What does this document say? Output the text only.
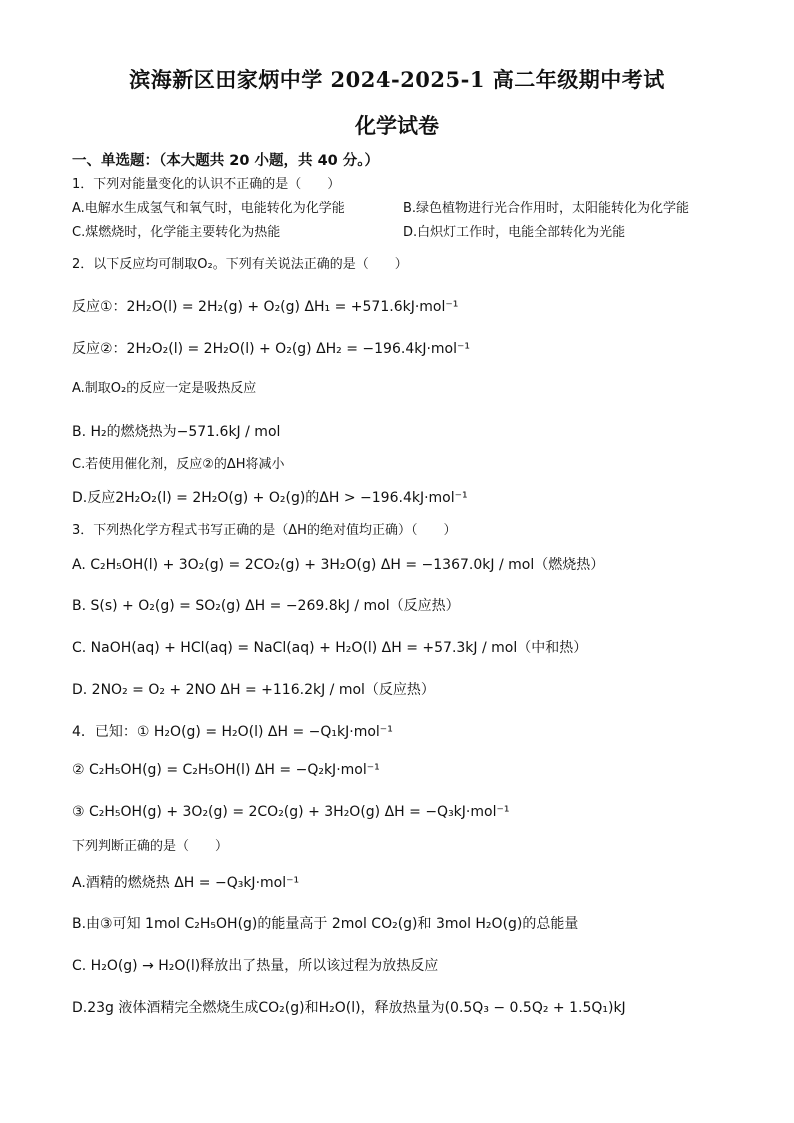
滨海新区田家炳中学 2024-2025-1 高二年级期中考试
化学试卷
一、单选题：（本大题共 20 小题，共 40 分。）
1．下列对能量变化的认识不正确的是（　　）
A.电解水生成氢气和氧气时，电能转化为化学能	B.绿色植物进行光合作用时，太阳能转化为化学能
C.煤燃烧时，化学能主要转化为热能	D.白炽灯工作时，电能全部转化为光能
2．以下反应均可制取O₂。下列有关说法正确的是（　　）
反应①：2H₂O(l) = 2H₂(g) + O₂(g) ΔH₁ = +571.6kJ·mol⁻¹
反应②：2H₂O₂(l) = 2H₂O(l) + O₂(g) ΔH₂ = −196.4kJ·mol⁻¹
A.制取O₂的反应一定是吸热反应
B. H₂的燃烧热为−571.6kJ / mol
C.若使用催化剂，反应②的ΔH将减小
D.反应2H₂O₂(l) = 2H₂O(g) + O₂(g)的ΔH > −196.4kJ·mol⁻¹
3．下列热化学方程式书写正确的是（ΔH的绝对值均正确）（　　）
A. C₂H₅OH(l) + 3O₂(g) = 2CO₂(g) + 3H₂O(g) ΔH = −1367.0kJ / mol（燃烧热）
B. S(s) + O₂(g) = SO₂(g) ΔH = −269.8kJ / mol（反应热）
C. NaOH(aq) + HCl(aq) = NaCl(aq) + H₂O(l) ΔH = +57.3kJ / mol（中和热）
D. 2NO₂ = O₂ + 2NO ΔH = +116.2kJ / mol（反应热）
4．已知：① H₂O(g) = H₂O(l) ΔH = −Q₁kJ·mol⁻¹
② C₂H₅OH(g) = C₂H₅OH(l) ΔH = −Q₂kJ·mol⁻¹
③ C₂H₅OH(g) + 3O₂(g) = 2CO₂(g) + 3H₂O(g) ΔH = −Q₃kJ·mol⁻¹
下列判断正确的是（　　）
A.酒精的燃烧热 ΔH = −Q₃kJ·mol⁻¹
B.由③可知 1mol C₂H₅OH(g)的能量高于 2mol CO₂(g)和 3mol H₂O(g)的总能量
C. H₂O(g) → H₂O(l)释放出了热量，所以该过程为放热反应
D.23g 液体酒精完全燃烧生成CO₂(g)和H₂O(l)，释放热量为(0.5Q₃ − 0.5Q₂ + 1.5Q₁)kJ
